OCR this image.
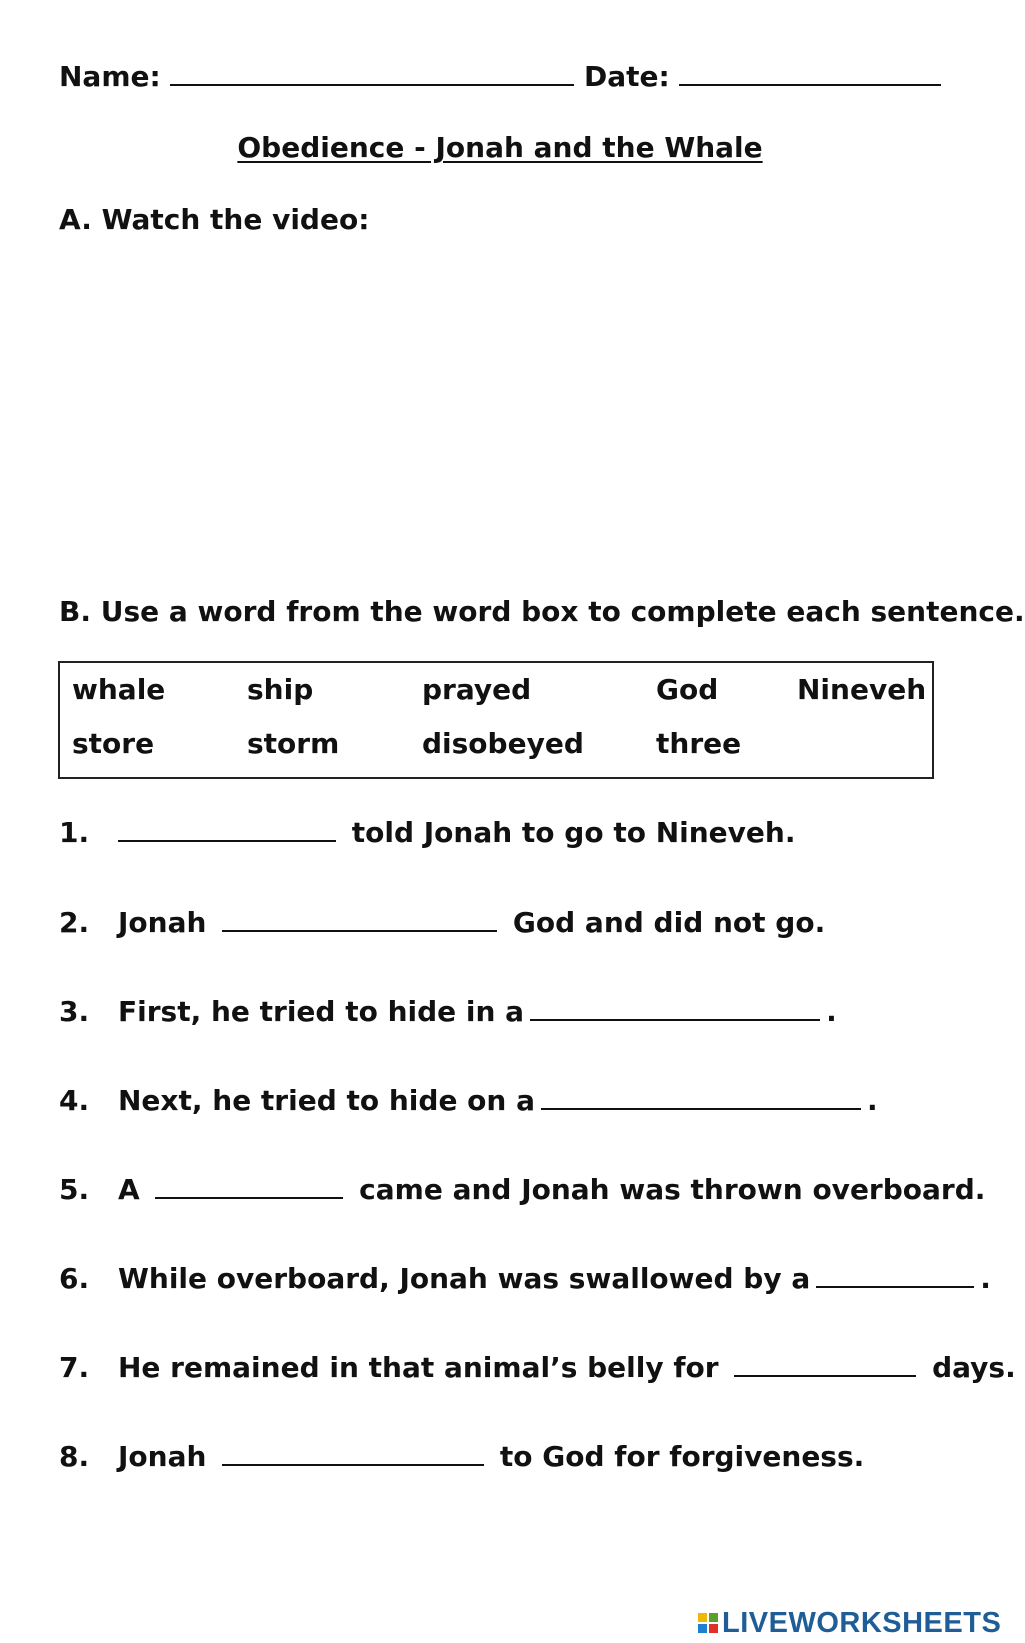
Name:	Date:
Obedience - Jonah and the Whale
A. Watch the video:
B. Use a word from the word box to complete each sentence.
whale	ship	prayed	God	Nineveh
store	storm	disobeyed	three
1.	told Jonah to go to Nineveh.
2. Jonah	God and did not go.
3. First, he tried to hide in a	.
4. Next, he tried to hide on a	.
5. A	came and Jonah was thrown overboard.
6. While overboard, Jonah was swallowed by a	.
7. He remained in that animal’s belly for	days.
8. Jonah	to God for forgiveness.
LIVEWORKSHEETS
